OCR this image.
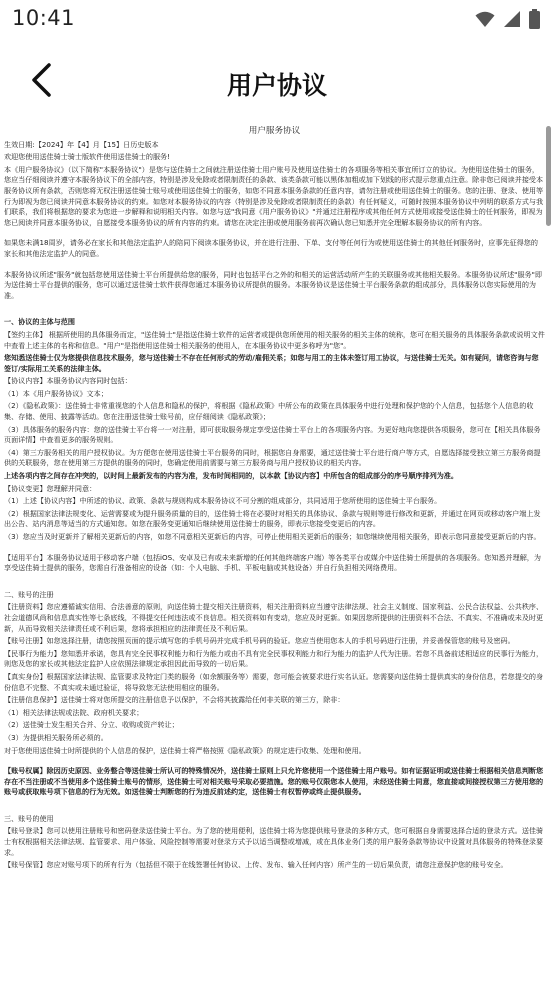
10:41
用户协议
用户服务协议

生效日期:【2024】年【4】月【15】日历史版本

欢迎您使用送佳骑士骑士版软件使用送佳骑士的服务!

本《用户服务协议》（以下简称"本服务协议"）是您与送佳骑士之间就注册送佳骑士用户账号及使用送佳骑士的各项服务等相关事宜所订立的协议。为使用送佳骑士的服务，您应当仔细阅读并遵守本服务协议下的全部内容，特别是涉及免除或者限制责任的条款、该类条款可能以黑体加粗或加下划线的形式提示您重点注意。除非您已阅读并接受本服务协议所有条款，否则您将无权注册送佳骑士账号或使用送佳骑士的服务，如您不同意本服务条款的任意内容，请勿注册或使用送佳骑士的服务。您的注册、登录、使用等行为即视为您已阅读并同意本服务协议的约束。如您对本服务协议的内容（特别是涉及免除或者限制责任的条款）有任何疑义，可随时按照本服务协议中列明的联系方式与我们联系，我们将根据您的要求为您进一步解释和说明相关内容。如您与送"我同意《用户服务协议》"并通过注册程序或其他任何方式使用或接受送佳骑士的任何服务，即视为您已阅读并同意本服务协议，自愿接受本服务协议的所有内容的约束。请您在决定注册或使用服务前再次确认您已知悉并完全理解本服务协议的所有内容。

如果您未满18周岁，请务必在家长和其他法定监护人的陪同下阅读本服务协议，并在进行注册、下单、支付等任何行为或使用送佳骑士的其他任何服务时，应事先征得您的家长和其他法定监护人的同意。

本服务协议所述"服务"就包括您使用送佳骑士平台所提供给您的服务，同时也包括平台之外的和相关的运营活动所产生的关联服务或其他相关服务。本服务协议所述"服务"即为送佳骑士平台提供的服务，您可以通过送佳骑士软件获得您通过本服务协议所提供的服务。本服务协议是送佳骑士平台服务条款的组成部分，具体服务以您实际使用的为准。

一、协议的主体与范围

【签约主体】 根据所使用的具体服务而定，"送佳骑士"是指送佳骑士软件的运营者或提供您所使用的相关服务的相关主体的统称，您可在相关服务的具体服务条款或说明文件中查看上述主体的名称和信息。"用户"是指使用送佳骑士相关服务的使用人，在本服务协议中更多称呼为"您"。

您知悉送佳骑士仅为您提供信息技术服务，您与送佳骑士不存在任何形式的劳动/雇佣关系；如您与用工的主体未签订用工协议，与送佳骑士无关。如有疑问，请您咨询与您签订/实际用工关系的法律主体。

【协议内容】本服务协议内容同时包括：

（1）本《用户服务协议》文本；

（2）《隐私政策》：送佳骑士非常重视您的个人信息和隐私的保护，将根据《隐私政策》中所公布的政策在具体服务中进行处理和保护您的个人信息，包括您个人信息的收集、存储、使用、披露等活动。您在注册送佳骑士账号前，应仔细阅读《隐私政策》；

（3）具体服务的服务内容：您的送佳骑士平台将一一对注册，即可获取服务规定享受送佳骑士平台上的各项服务内容。为更好地向您提供各项服务，您可在【相关具体服务页面详情】中查看更多的服务规则。

（4）第三方服务相关的用户授权协议。为方便您在使用送佳骑士平台服务的同时，根据您自身需要，通过送佳骑士平台进行商户等方式，自愿选择接受独立第三方服务商提供的关联服务，您在使用第三方提供的服务的同时，您确定使用前需要与第三方服务商与用户授权协议的相关内容。

上述各项内容之间存在冲突的，以时间上最新发布的内容为准，发布时间相同的，以本款【协议内容】中所包含的组成部分的序号顺序排列为准。

【协议变更】您理解并同意：

（1）上述【协议内容】中所述的协议、政策、条款与规则构成本服务协议不可分割的组成部分，共同适用于您所使用的送佳骑士平台服务。

（2）根据国家法律法规变化、运营需要或为提升服务质量的目的，送佳骑士将在必要时对相关的具体协议、条款与规则等进行修改和更新，并通过在网页或移动客户端上发出公告、站内消息等适当的方式通知您。如您在服务变更通知后继续使用送佳骑士的服务，即表示您接受变更后的内容。

（3）您应当及时更新并了解相关更新后的内容，如您不同意相关更新后的内容，可停止使用相关更新后的服务；如您继续使用相关服务，即表示您同意接受更新后的内容。

【适用平台】本服务协议适用于移动客户端（包括iOS、安卓及已有或未来新增的任何其他终端客户端）等各类平台或媒介中送佳骑士所提供的各项服务。您知悉并理解，为享受送佳骑士提供的服务，您需自行准备相应的设备（如：个人电脑、手机、平板电脑或其他设备）并自行负担相关网络费用。

二、账号的注册

【注册资料】您应遵循诚实信用、合法善意的原则，向送佳骑士提交相关注册资料，相关注册资料应当遵守法律法规、社会主义制度、国家利益、公民合法权益、公共秩序、社会道德风尚和信息真实性等七条底线，不得提交任何违法或不良信息。相关资料如有变动，您应及时更新。如果因您所提供的注册资料不合法、不真实、不准确或未及时更新，从而导致相关法律责任或不利后果，您将承担相应的法律责任及不利后果。

【账号注册】如您选择注册，请您按照页面的提示填写您的手机号码并完成手机号码的验证。您应当使用您本人的手机号码进行注册，并妥善保管您的账号及密码。

【民事行为能力】您知悉并承诺，您具有完全民事权利能力和行为能力或由不具有完全民事权利能力和行为能力的监护人代为注册。若您不具备前述相适应的民事行为能力，则您及您的家长或其他法定监护人应依照法律规定承担因此而导致的一切后果。

【真实身份】根据国家法律法规、监管要求及特定门类的服务（如余额服务等）需要，您可能会被要求进行实名认证。您需要向送佳骑士提供真实的身份信息，若您提交的身份信息不完整、不真实或未通过验证，将导致您无法使用相应的服务。

【注册信息保护】送佳骑士将对您所提交的注册信息予以保护，不会将其披露给任何非关联的第三方，除非：

（1）相关法律法规或法院、政府机关要求；

（2）送佳骑士发生相关合并、分立、收购或资产转让；

（3）为提供相关服务所必须的。

对于您使用送佳骑士时所提供的个人信息的保护，送佳骑士将严格按照《隐私政策》的规定进行收集、处理和使用。

【账号权属】除因历史原因、业务整合等送佳骑士所认可的特殊情况外，送佳骑士原则上只允许您使用一个送佳骑士用户账号。如有证据证明或送佳骑士根据相关信息判断您存在不当注册或不当使用多个送佳骑士账号的情形，送佳骑士可对相关账号采取必要措施。您的账号仅限您本人使用，未经送佳骑士同意，您直接或间接授权第三方使用您的账号或获取账号项下信息的行为无效。如送佳骑士判断您的行为违反前述约定，送佳骑士有权暂停或终止提供服务。

三、账号的使用

【账号登录】您可以使用注册账号和密码登录送佳骑士平台。为了您的使用便利，送佳骑士将为您提供账号登录的多种方式，您可根据自身需要选择合适的登录方式。送佳骑士有权根据相关法律法规、监管要求、用户体验、风险控制等需要对登录方式予以适当调整或增减，或在具体业务门类的用户服务条款等协议中设置对具体服务的特殊登录要求。

【账号保管】您应对账号项下的所有行为（包括但不限于在线签署任何协议、上传、发布、输入任何内容）所产生的一切后果负责，请您注意保护您的账号安全。
